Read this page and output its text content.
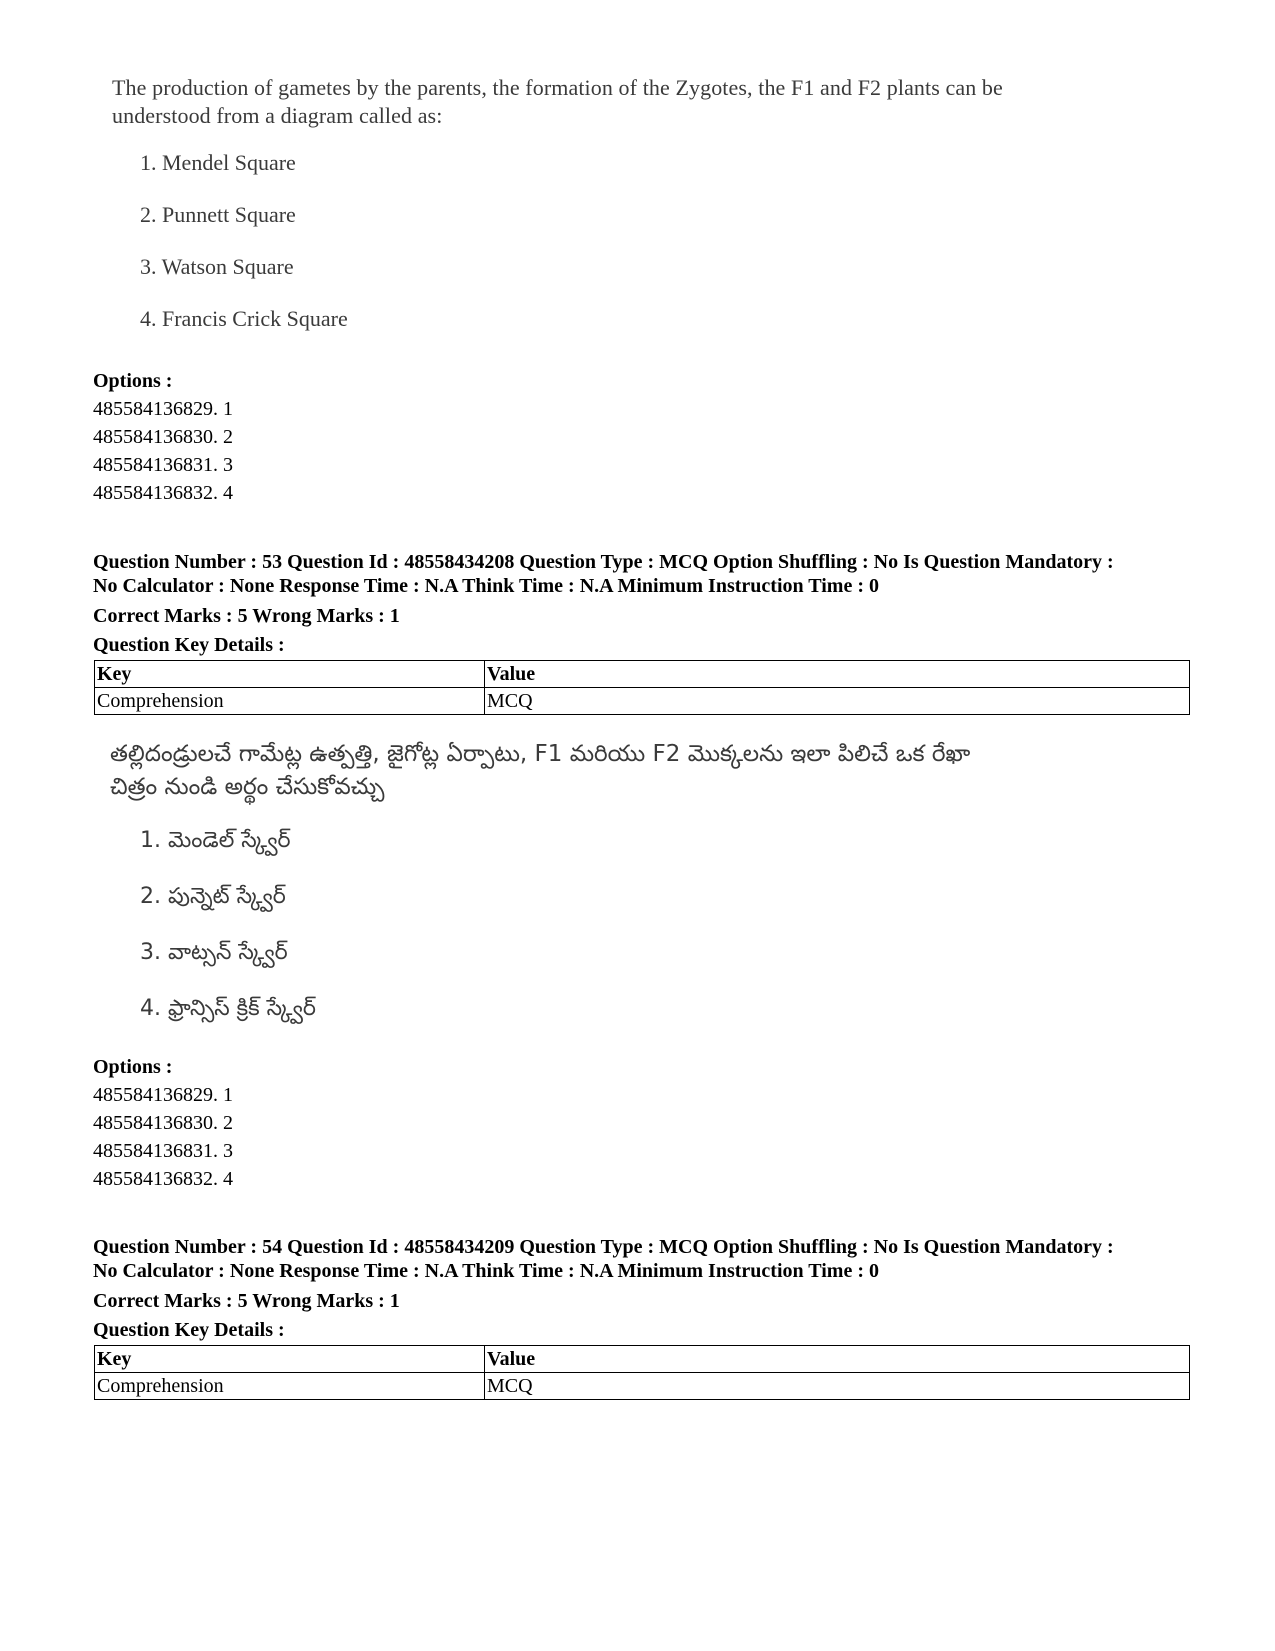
The production of gametes by the parents, the formation of the Zygotes, the F1 and F2 plants can be understood from a diagram called as:

1. Mendel Square
2. Punnett Square
3. Watson Square
4. Francis Crick Square
Options :
485584136829. 1
485584136830. 2
485584136831. 3
485584136832. 4
Question Number : 53 Question Id : 48558434208 Question Type : MCQ Option Shuffling : No Is Question Mandatory :
No Calculator : None Response Time : N.A Think Time : N.A Minimum Instruction Time : 0
Correct Marks : 5 Wrong Marks : 1
Question Key Details :
Key	Value
Comprehension	MCQ

తల్లిదండ్రులచే గామేట్ల ఉత్పత్తి, జైగోట్ల ఏర్పాటు, F1 మరియు F2 మొక్కలను ఇలా పిలిచే ఒక రేఖా
చిత్రం నుండి అర్థం చేసుకోవచ్చు

1. మెండెల్ స్క్వేర్
2. పున్నెట్ స్క్వేర్
3. వాట్సన్ స్క్వేర్
4. ఫ్రాన్సిస్ క్రిక్ స్క్వేర్
Options :
485584136829. 1
485584136830. 2
485584136831. 3
485584136832. 4
Question Number : 54 Question Id : 48558434209 Question Type : MCQ Option Shuffling : No Is Question Mandatory :
No Calculator : None Response Time : N.A Think Time : N.A Minimum Instruction Time : 0
Correct Marks : 5 Wrong Marks : 1
Question Key Details :
Key	Value
Comprehension	MCQ
